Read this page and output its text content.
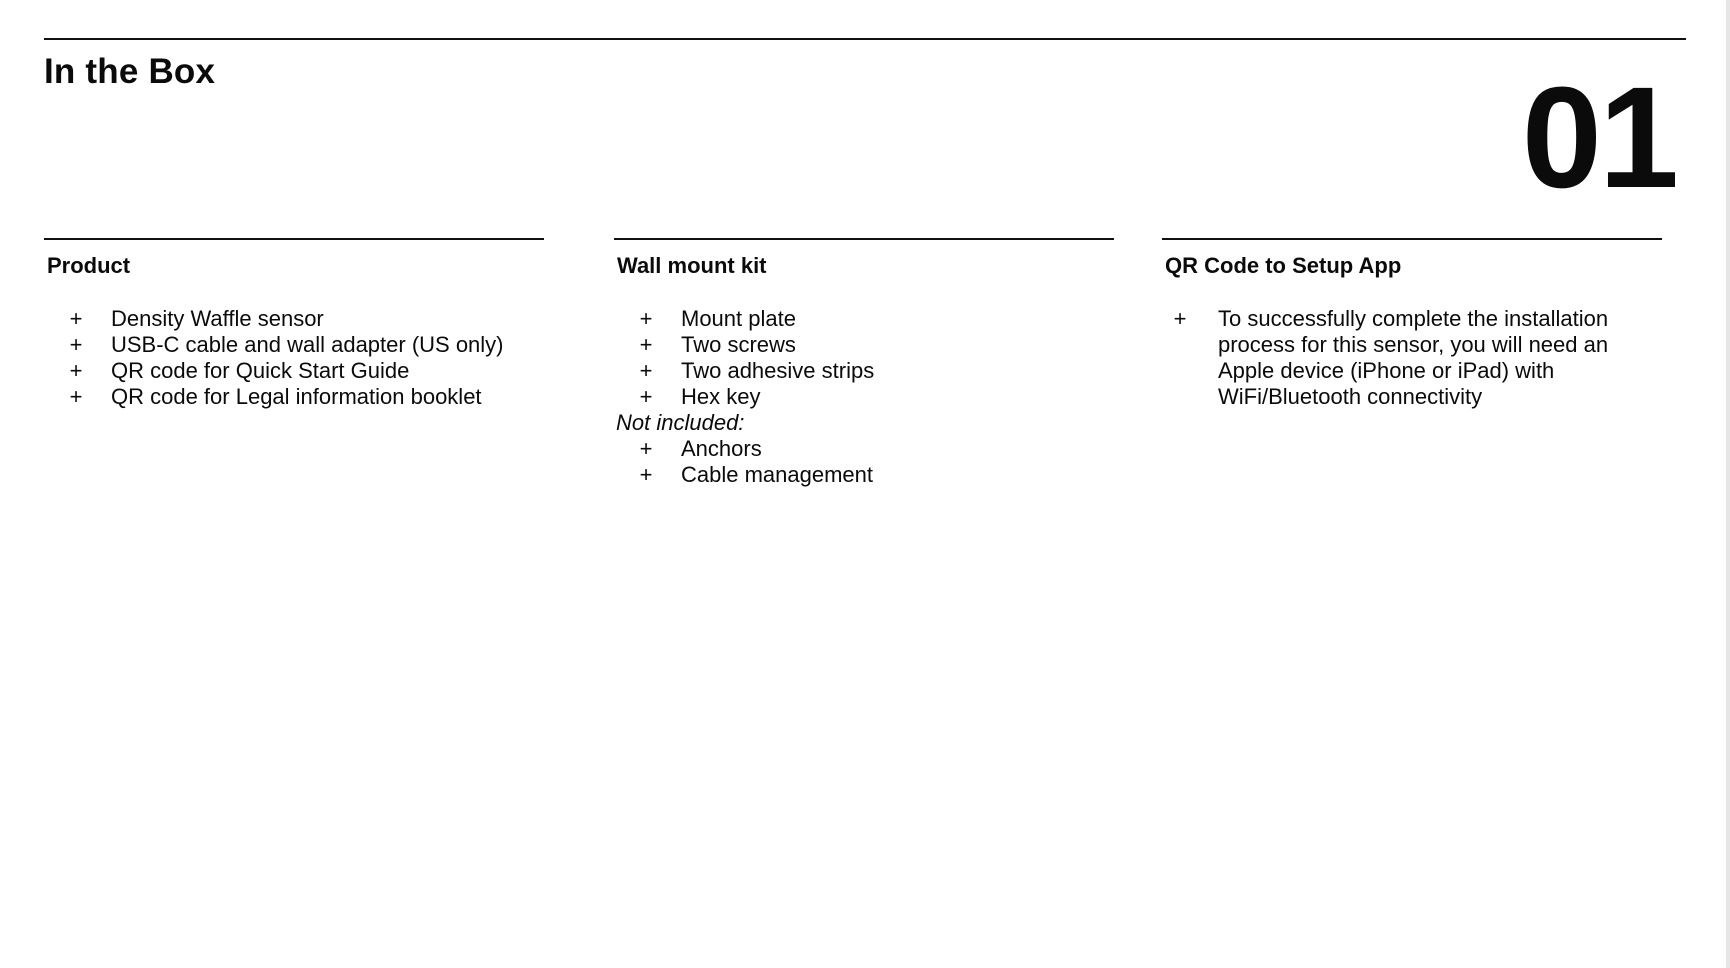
In the Box	01
Product
+ Density Waffle sensor
+ USB-C cable and wall adapter (US only)
+ QR code for Quick Start Guide
+ QR code for Legal information booklet
Wall mount kit
+ Mount plate
+ Two screws
+ Two adhesive strips
+ Hex key
Not included:
+ Anchors
+ Cable management
QR Code to Setup App
+ To successfully complete the installation process for this sensor, you will need an Apple device (iPhone or iPad) with WiFi/Bluetooth connectivity
